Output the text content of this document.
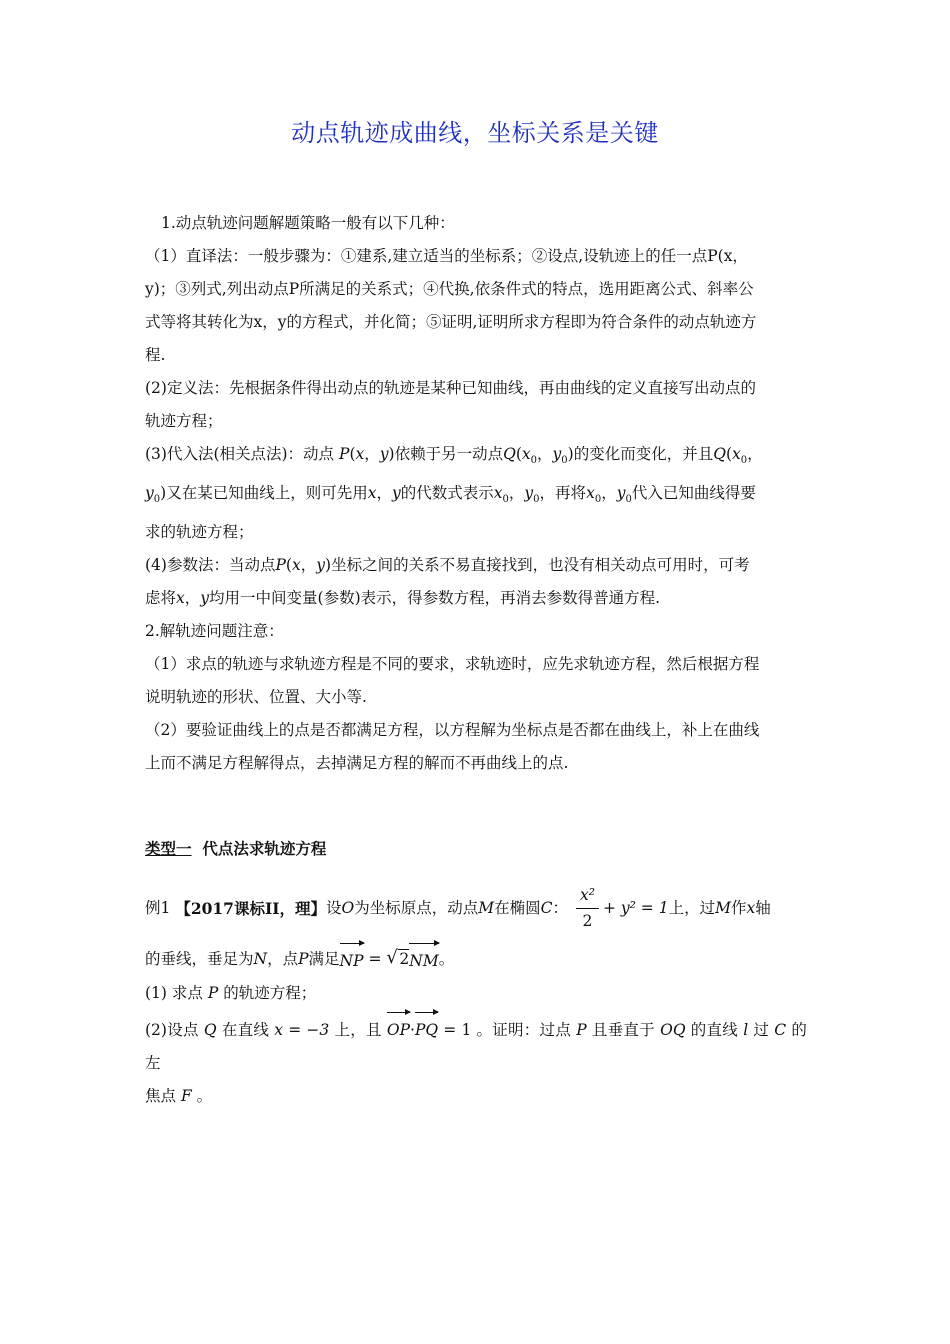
动点轨迹成曲线，坐标关系是关键

1.动点轨迹问题解题策略一般有以下几种：

（1）直译法：一般步骤为：①建系,建立适当的坐标系；②设点,设轨迹上的任一点P(x，

y)；③列式,列出动点P所满足的关系式；④代换,依条件式的特点，选用距离公式、斜率公

式等将其转化为x，y的方程式，并化简；⑤证明,证明所求方程即为符合条件的动点轨迹方

程.

(2)定义法：先根据条件得出动点的轨迹是某种已知曲线，再由曲线的定义直接写出动点的

轨迹方程；

(3)代入法(相关点法)：动点 P(x，y)依赖于另一动点$Q(x_0$，$y_0$)的变化而变化，并且$Q(x_0$，

$y_0$)又在某已知曲线上，则可先用x，y的代数式表示$x_0$，$y_0$，再将$x_0$，$y_0$代入已知曲线得要

求的轨迹方程；

(4)参数法：当动点P(x，y)坐标之间的关系不易直接找到，也没有相关动点可用时，可考

虑将x，y均用一中间变量(参数)表示，得参数方程，再消去参数得普通方程.

2.解轨迹问题注意：

（1）求点的轨迹与求轨迹方程是不同的要求，求轨迹时，应先求轨迹方程，然后根据方程

说明轨迹的形状、位置、大小等.

（2）要验证曲线上的点是否都满足方程，以方程解为坐标点是否都在曲线上，补上在曲线

上而不满足方程解得点，去掉满足方程的解而不再曲线上的点.

类型一 代点法求轨迹方程

例1
【2017课标II，理】 设 O 为坐标原点，动点 M 在椭圆 C ： $\frac{\text{x²}}{2} + y^2 = 1$ 上，过 M 作 x 轴
的垂线，垂足为 N ，点 P 满足 NP = √ 2 NM 。

(1) 求点 P 的轨迹方程；

(2)设点 Q 在直线 x = −3 上，且 OP·PQ = 1 。证明：过点 P 且垂直于 OQ 的直线 l 过 C 的左

焦点 F 。
